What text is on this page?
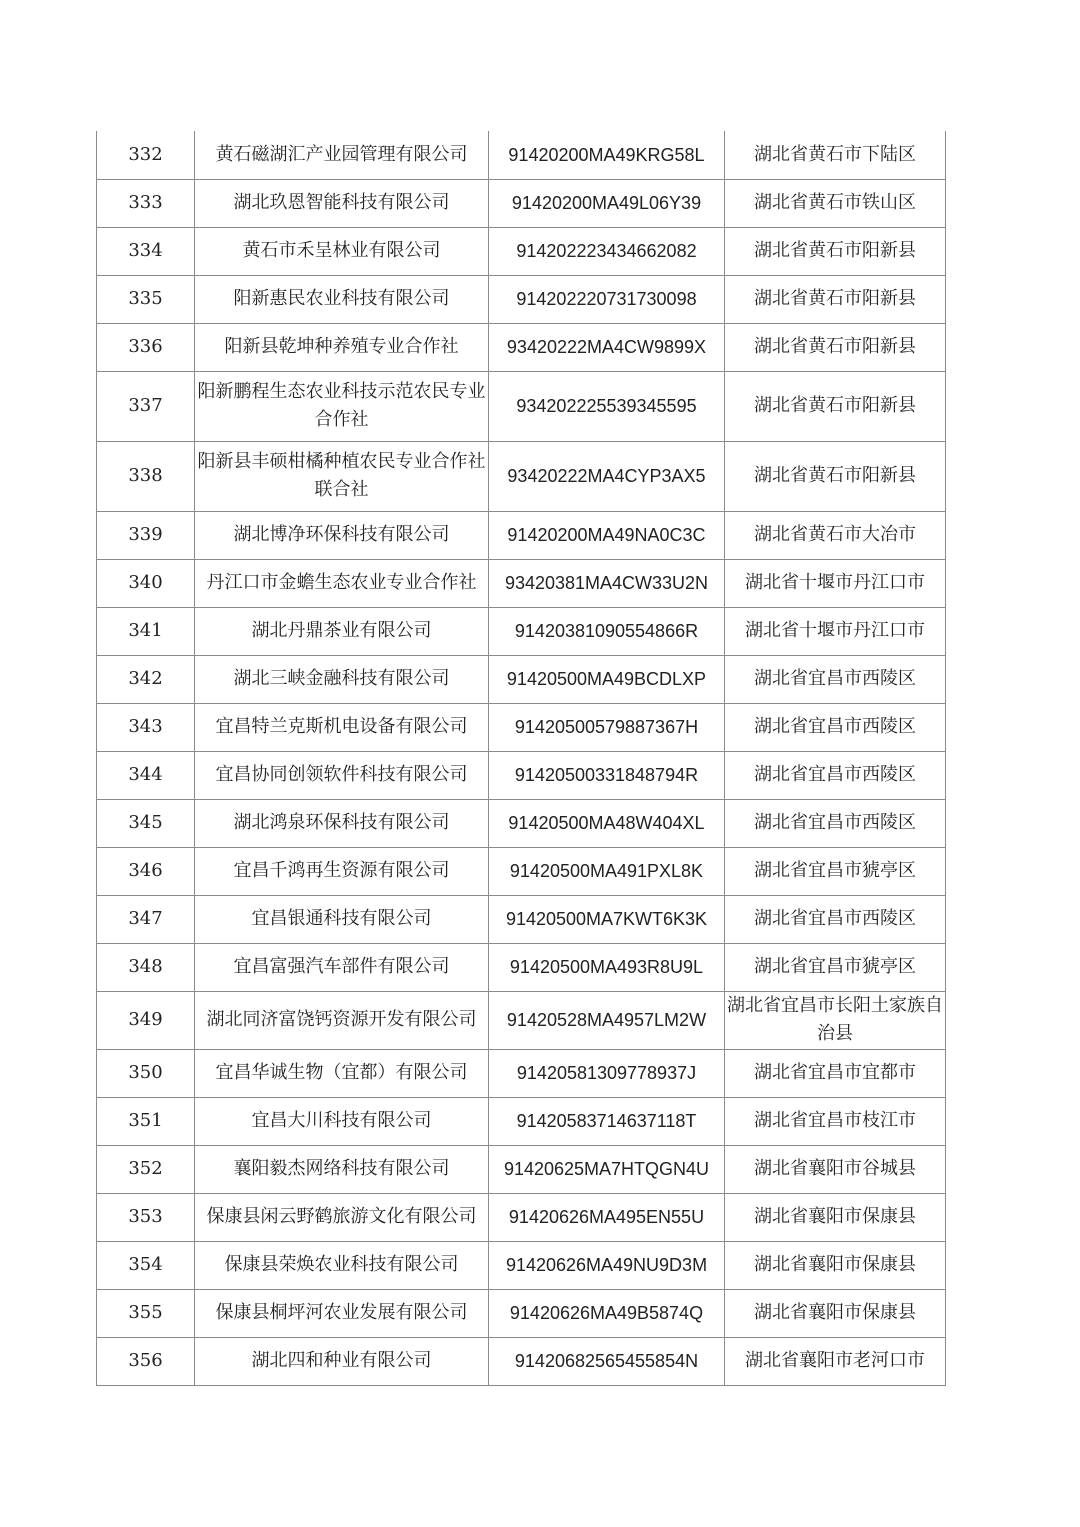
332	黄石磁湖汇产业园管理有限公司	91420200MA49KRG58L	湖北省黄石市下陆区
333	湖北玖恩智能科技有限公司	91420200MA49L06Y39	湖北省黄石市铁山区
334	黄石市禾呈林业有限公司	914202223434662082	湖北省黄石市阳新县
335	阳新惠民农业科技有限公司	914202220731730098	湖北省黄石市阳新县
336	阳新县乾坤种养殖专业合作社	93420222MA4CW9899X	湖北省黄石市阳新县
337	阳新鹏程生态农业科技示范农民专业合作社	934202225539345595	湖北省黄石市阳新县
338	阳新县丰硕柑橘种植农民专业合作社联合社	93420222MA4CYP3AX5	湖北省黄石市阳新县
339	湖北博净环保科技有限公司	91420200MA49NA0C3C	湖北省黄石市大冶市
340	丹江口市金蟾生态农业专业合作社	93420381MA4CW33U2N	湖北省十堰市丹江口市
341	湖北丹鼎茶业有限公司	91420381090554866R	湖北省十堰市丹江口市
342	湖北三峡金融科技有限公司	91420500MA49BCDLXP	湖北省宜昌市西陵区
343	宜昌特兰克斯机电设备有限公司	91420500579887367H	湖北省宜昌市西陵区
344	宜昌协同创领软件科技有限公司	91420500331848794R	湖北省宜昌市西陵区
345	湖北鸿泉环保科技有限公司	91420500MA48W404XL	湖北省宜昌市西陵区
346	宜昌千鸿再生资源有限公司	91420500MA491PXL8K	湖北省宜昌市猇亭区
347	宜昌银通科技有限公司	91420500MA7KWT6K3K	湖北省宜昌市西陵区
348	宜昌富强汽车部件有限公司	91420500MA493R8U9L	湖北省宜昌市猇亭区
349	湖北同济富饶钙资源开发有限公司	91420528MA4957LM2W	湖北省宜昌市长阳土家族自治县
350	宜昌华诚生物（宜都）有限公司	91420581309778937J	湖北省宜昌市宜都市
351	宜昌大川科技有限公司	91420583714637118T	湖北省宜昌市枝江市
352	襄阳毅杰网络科技有限公司	91420625MA7HTQGN4U	湖北省襄阳市谷城县
353	保康县闲云野鹤旅游文化有限公司	91420626MA495EN55U	湖北省襄阳市保康县
354	保康县荣焕农业科技有限公司	91420626MA49NU9D3M	湖北省襄阳市保康县
355	保康县桐坪河农业发展有限公司	91420626MA49B5874Q	湖北省襄阳市保康县
356	湖北四和种业有限公司	91420682565455854N	湖北省襄阳市老河口市
